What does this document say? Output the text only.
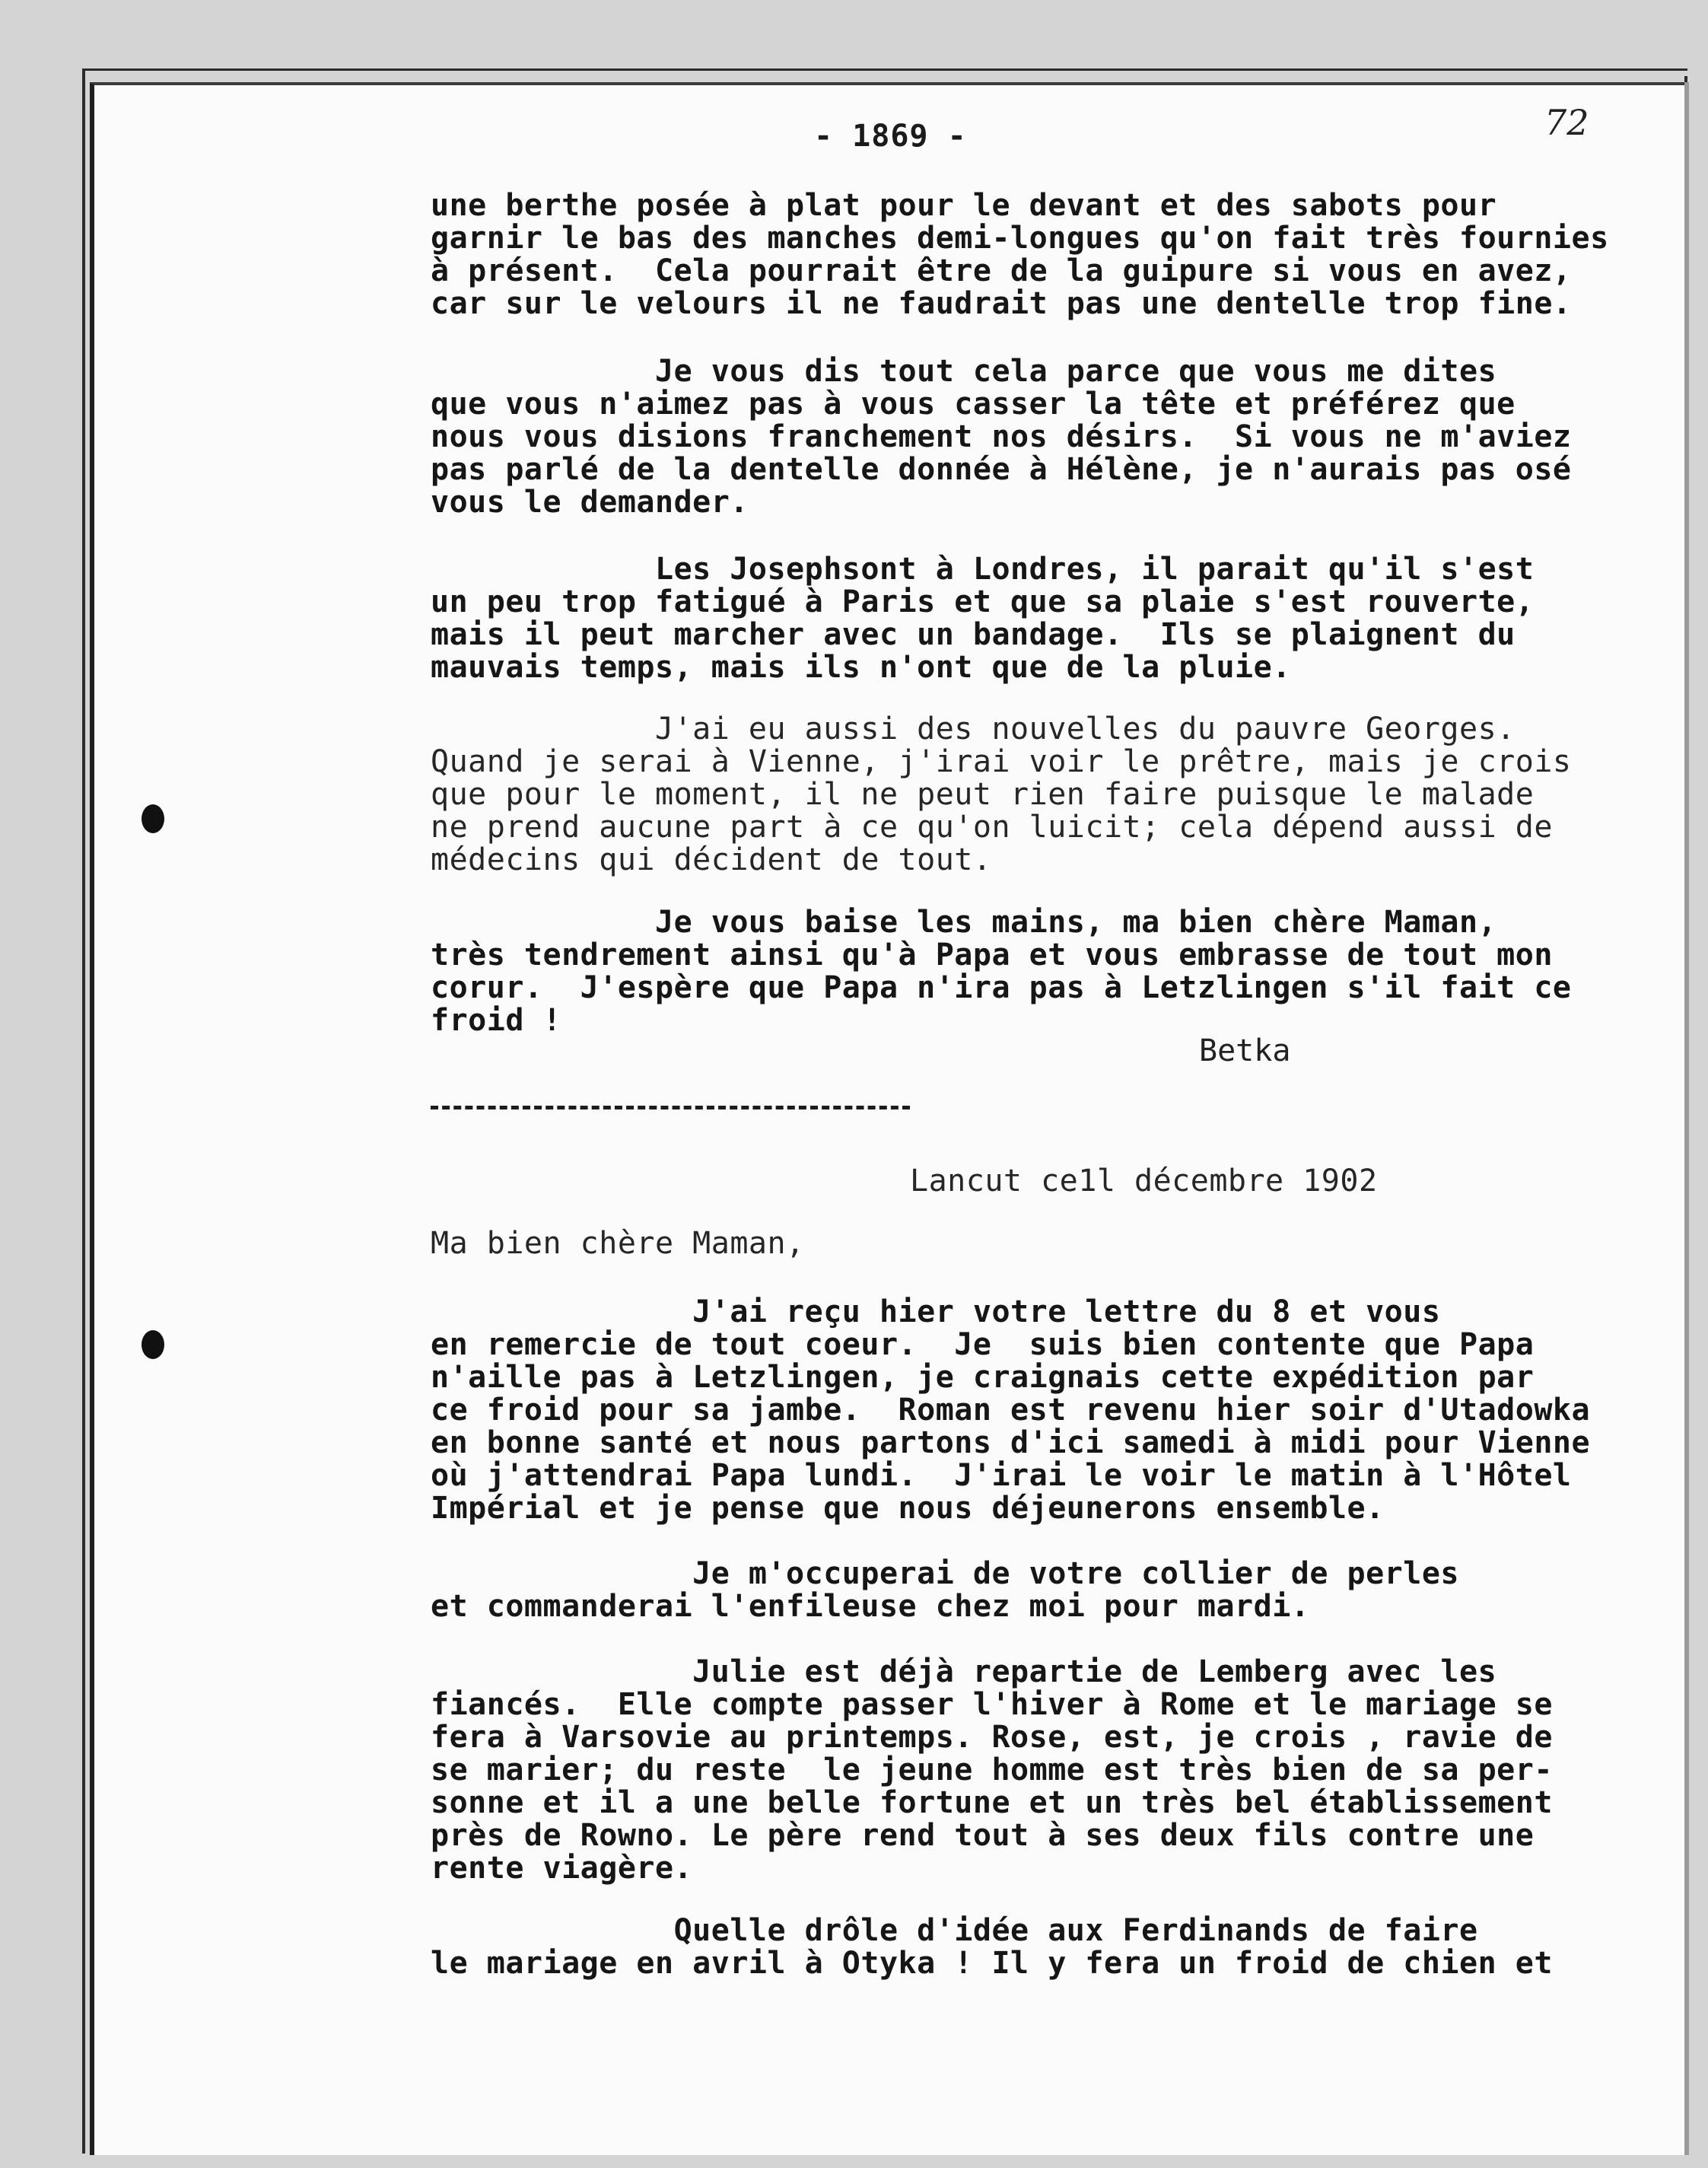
- 1869 -	72
une berthe posée à plat pour le devant et des sabots pour
garnir le bas des manches demi-longues qu'on fait très fournies
à présent.  Cela pourrait être de la guipure si vous en avez,
car sur le velours il ne faudrait pas une dentelle trop fine.
Je vous dis tout cela parce que vous me dites
que vous n'aimez pas à vous casser la tête et préférez que
nous vous disions franchement nos désirs.  Si vous ne m'aviez
pas parlé de la dentelle donnée à Hélène, je n'aurais pas osé
vous le demander.
Les Josephsont à Londres, il parait qu'il s'est
un peu trop fatigué à Paris et que sa plaie s'est rouverte,
mais il peut marcher avec un bandage.  Ils se plaignent du
mauvais temps, mais ils n'ont que de la pluie.
J'ai eu aussi des nouvelles du pauvre Georges.
Quand je serai à Vienne, j'irai voir le prêtre, mais je crois
que pour le moment, il ne peut rien faire puisque le malade
ne prend aucune part à ce qu'on luicit; cela dépend aussi de
médecins qui décident de tout.
Je vous baise les mains, ma bien chère Maman,
très tendrement ainsi qu'à Papa et vous embrasse de tout mon
corur.  J'espère que Papa n'ira pas à Letzlingen s'il fait ce
froid !
Betka
Lancut ce1l décembre 1902
Ma bien chère Maman,
J'ai reçu hier votre lettre du 8 et vous
en remercie de tout coeur.  Je  suis bien contente que Papa
n'aille pas à Letzlingen, je craignais cette expédition par
ce froid pour sa jambe.  Roman est revenu hier soir d'Utadowka
en bonne santé et nous partons d'ici samedi à midi pour Vienne
où j'attendrai Papa lundi.  J'irai le voir le matin à l'Hôtel
Impérial et je pense que nous déjeunerons ensemble.
Je m'occuperai de votre collier de perles
et commanderai l'enfileuse chez moi pour mardi.
Julie est déjà repartie de Lemberg avec les
fiancés.  Elle compte passer l'hiver à Rome et le mariage se
fera à Varsovie au printemps. Rose, est, je crois , ravie de
se marier; du reste  le jeune homme est très bien de sa per-
sonne et il a une belle fortune et un très bel établissement
près de Rowno. Le père rend tout à ses deux fils contre une
rente viagère.
Quelle drôle d'idée aux Ferdinands de faire
le mariage en avril à Otyka ! Il y fera un froid de chien et
